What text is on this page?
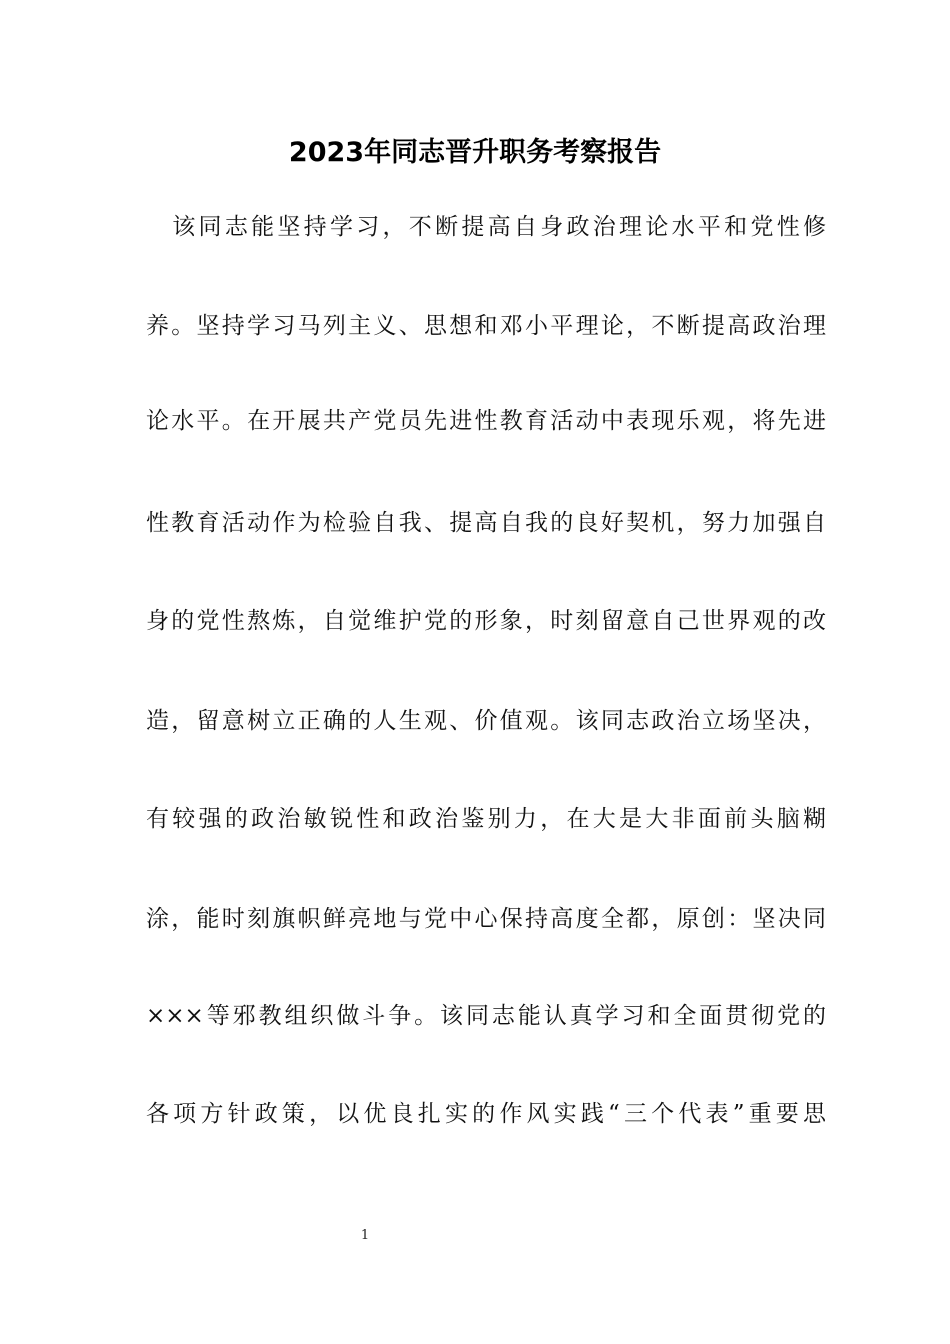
2023年同志晋升职务考察报告
　该同志能坚持学习，不断提高自身政治理论水平和党性修
养。坚持学习马列主义、思想和邓小平理论，不断提高政治理
论水平。在开展共产党员先进性教育活动中表现乐观，将先进
性教育活动作为检验自我、提高自我的良好契机，努力加强自
身的党性熬炼，自觉维护党的形象，时刻留意自己世界观的改
造，留意树立正确的人生观、价值观。该同志政治立场坚决，
有较强的政治敏锐性和政治鉴别力，在大是大非面前头脑糊
涂，能时刻旗帜鲜亮地与党中心保持高度全都，原创：坚决同
×××等邪教组织做斗争。该同志能认真学习和全面贯彻党的
各项方针政策，以优良扎实的作风实践“三个代表”重要思
1
